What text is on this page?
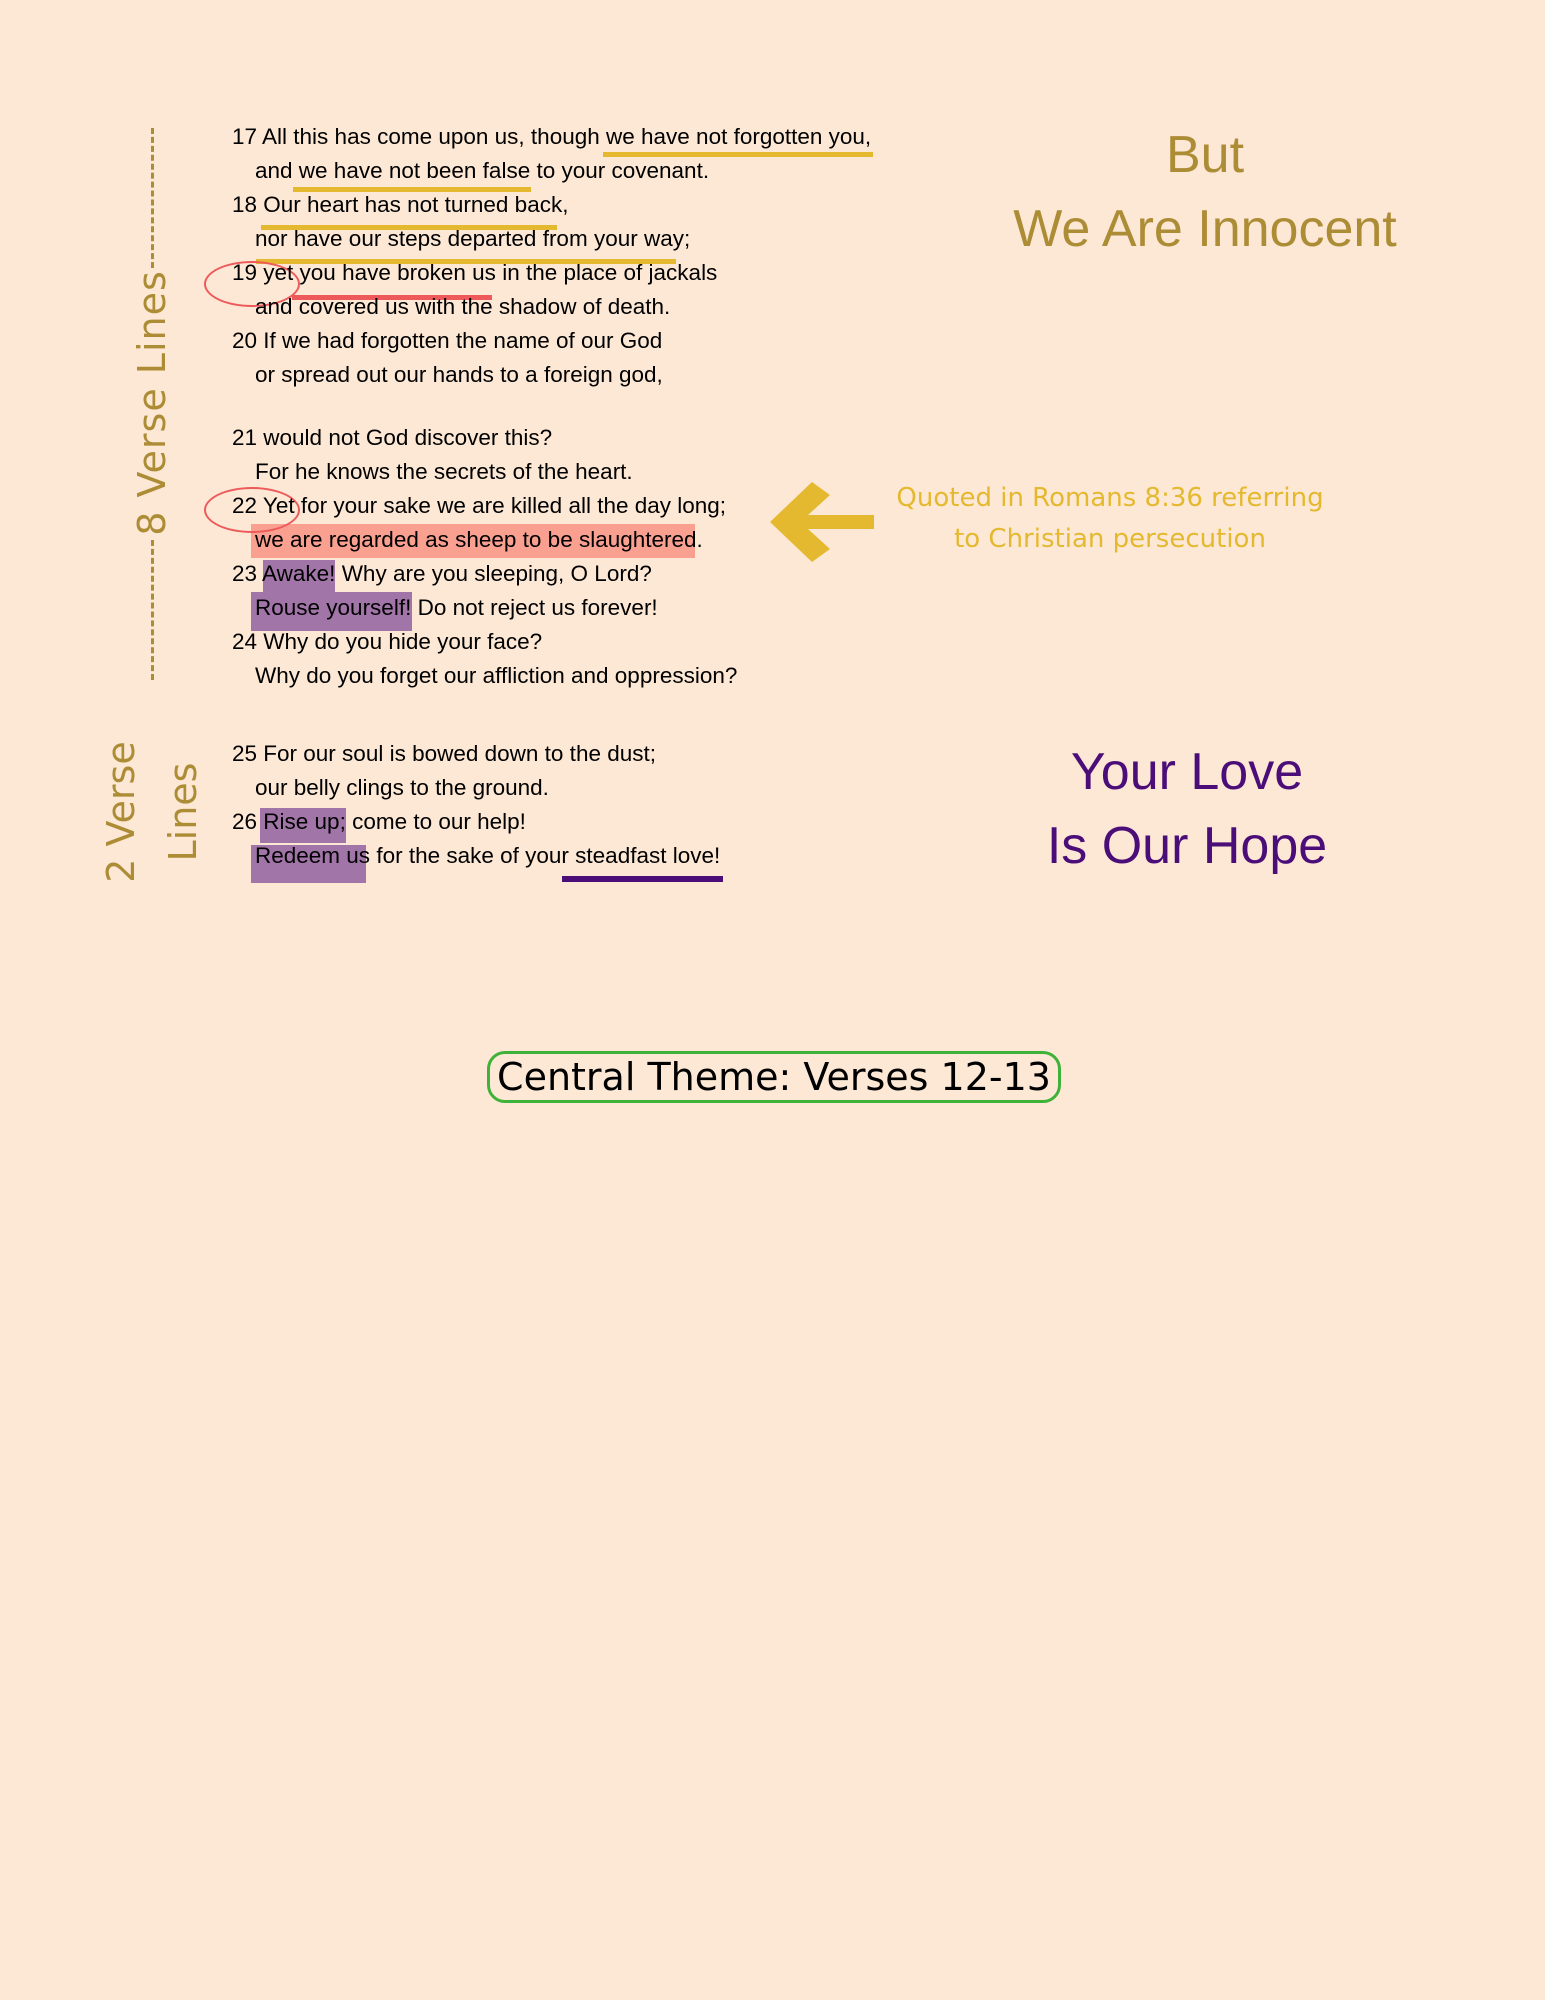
8 Verse Lines
2 Verse Lines
17 All this has come upon us, though we have not forgotten you,
and we have not been false to your covenant.
18 Our heart has not turned back,
nor have our steps departed from your way;
19 yet you have broken us in the place of jackals
and covered us with the shadow of death.
20 If we had forgotten the name of our God
or spread out our hands to a foreign god,
21 would not God discover this?
For he knows the secrets of the heart.
22 Yet for your sake we are killed all the day long;
we are regarded as sheep to be slaughtered.
23 Awake! Why are you sleeping, O Lord?
Rouse yourself! Do not reject us forever!
24 Why do you hide your face?
Why do you forget our affliction and oppression?
25 For our soul is bowed down to the dust;
our belly clings to the ground.
26 Rise up; come to our help!
Redeem us for the sake of your steadfast love!
But
We Are Innocent
Quoted in Romans 8:36 referring
to Christian persecution
Your Love
Is Our Hope
Central Theme: Verses 12-13
